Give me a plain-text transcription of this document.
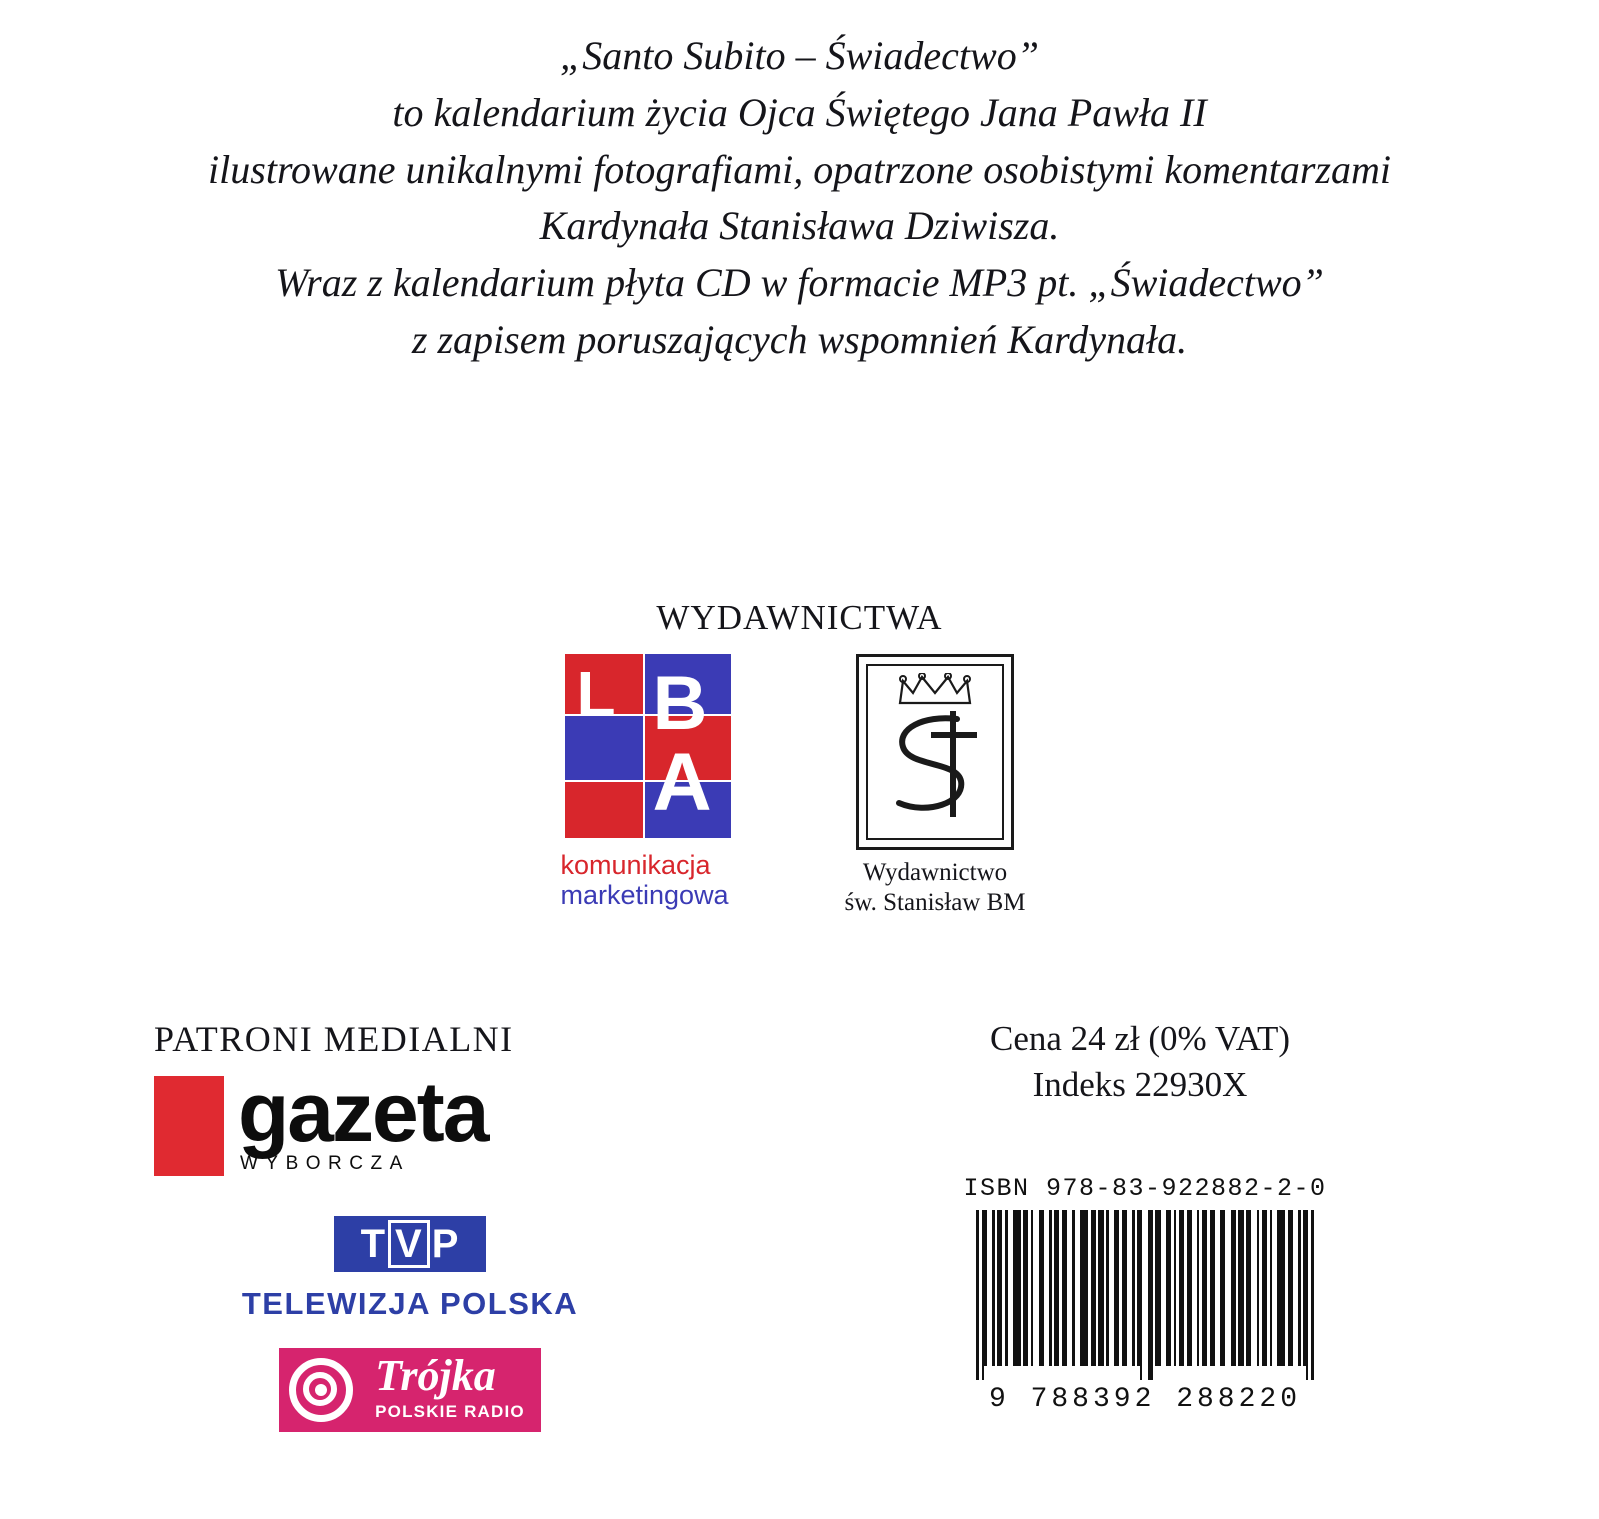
„Santo Subito – Świadectwo”
to kalendarium życia Ojca Świętego Jana Pawła II
ilustrowane unikalnymi fotografiami, opatrzone osobistymi komentarzami
Kardynała Stanisława Dziwisza.
Wraz z kalendarium płyta CD w formacie MP3 pt. „Świadectwo”
z zapisem poruszających wspomnień Kardynała.
WYDAWNICTWA
L B
A
komunikacja
marketingowa
Wydawnictwo
św. Stanisław BM
PATRONI MEDIALNI
gazeta
WYBORCZA
T V P
TELEWIZJA POLSKA
Trójka
POLSKIE RADIO
Cena 24 zł (0% VAT)
Indeks 22930X
ISBN 978-83-922882-2-0
9 788392 288220
